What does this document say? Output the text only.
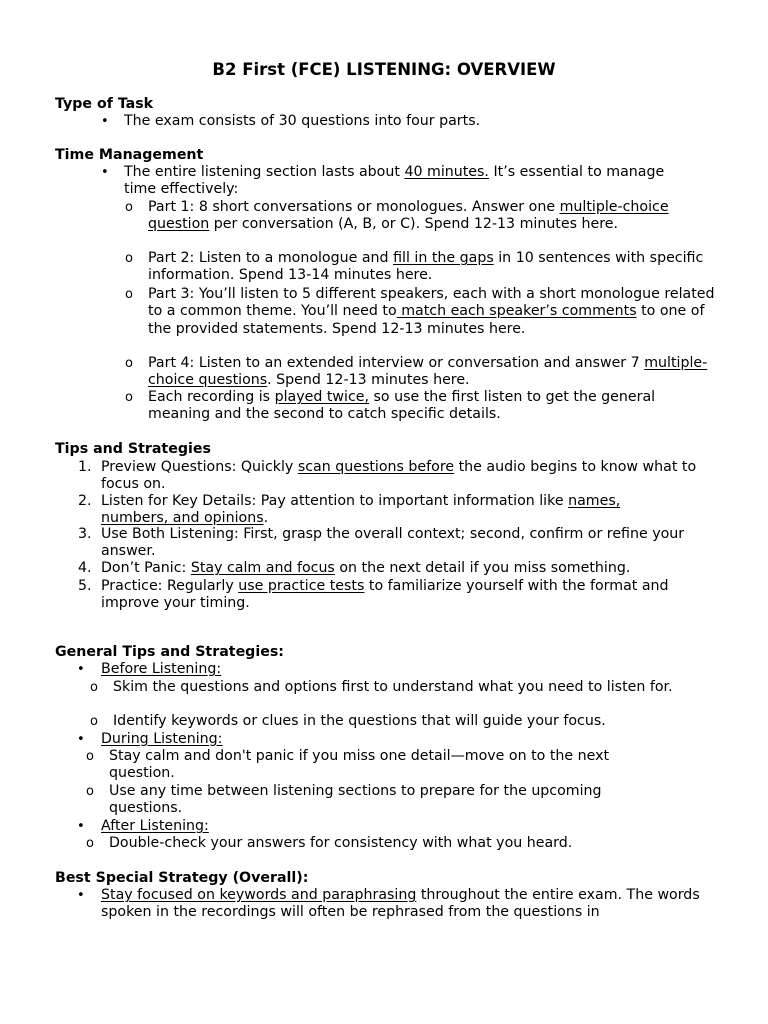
B2 First (FCE) LISTENING: OVERVIEW
Type of Task
• The exam consists of 30 questions into four parts.
Time Management
• The entire listening section lasts about 40 minutes. It’s essential to manage time effectively:
o Part 1: 8 short conversations or monologues. Answer one multiple-choice question per conversation (A, B, or C). Spend 12-13 minutes here.
o Part 2: Listen to a monologue and fill in the gaps in 10 sentences with specific information. Spend 13-14 minutes here.
o Part 3: You’ll listen to 5 different speakers, each with a short monologue related to a common theme. You’ll need to match each speaker’s comments to one of the provided statements. Spend 12-13 minutes here.
o Part 4: Listen to an extended interview or conversation and answer 7 multiple-choice questions. Spend 12-13 minutes here.
o Each recording is played twice, so use the first listen to get the general meaning and the second to catch specific details.
Tips and Strategies
1. Preview Questions: Quickly scan questions before the audio begins to know what to focus on.
2. Listen for Key Details: Pay attention to important information like names, numbers, and opinions.
3. Use Both Listening: First, grasp the overall context; second, confirm or refine your answer.
4. Don’t Panic: Stay calm and focus on the next detail if you miss something.
5. Practice: Regularly use practice tests to familiarize yourself with the format and improve your timing.
General Tips and Strategies:
• Before Listening:
o Skim the questions and options first to understand what you need to listen for.
o Identify keywords or clues in the questions that will guide your focus.
• During Listening:
o Stay calm and don't panic if you miss one detail—move on to the next question.
o Use any time between listening sections to prepare for the upcoming questions.
• After Listening:
o Double-check your answers for consistency with what you heard.
Best Special Strategy (Overall):
• Stay focused on keywords and paraphrasing throughout the entire exam. The words spoken in the recordings will often be rephrased from the questions in
